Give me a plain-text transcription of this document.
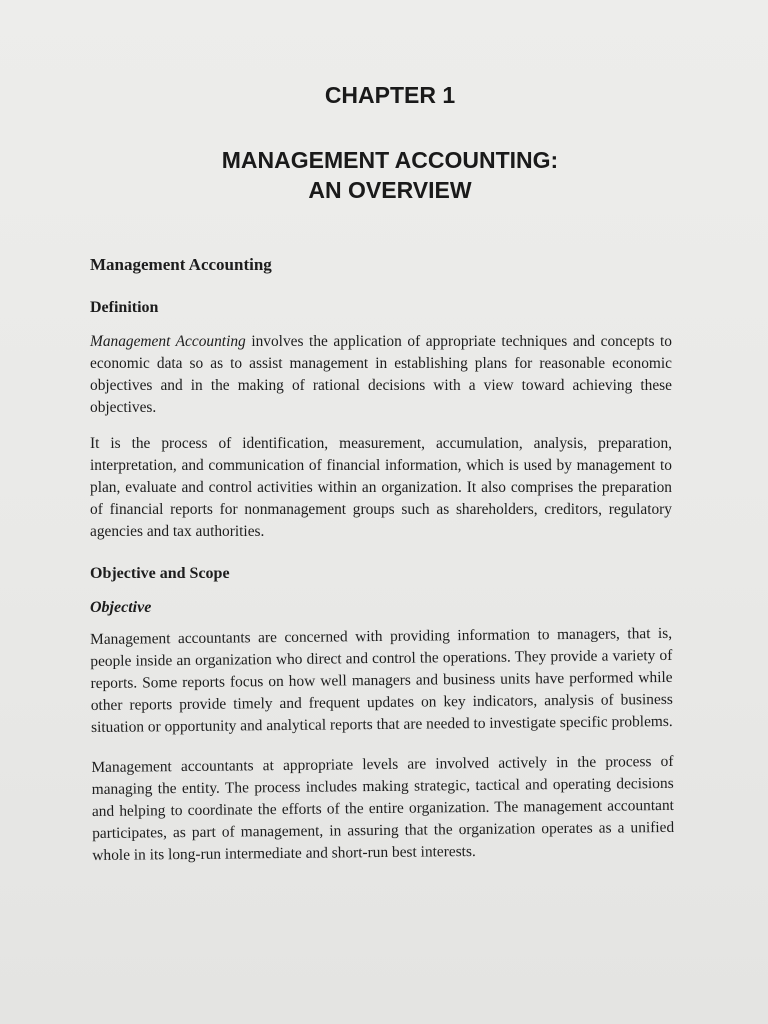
CHAPTER 1
MANAGEMENT ACCOUNTING:
AN OVERVIEW
Management Accounting
Definition

Management Accounting involves the application of appropriate techniques and concepts to economic data so as to assist management in establishing plans for reasonable economic objectives and in the making of rational decisions with a view toward achieving these objectives.

It is the process of identification, measurement, accumulation, analysis, preparation, interpretation, and communication of financial information, which is used by management to plan, evaluate and control activities within an organization. It also comprises the preparation of financial reports for nonmanagement groups such as shareholders, creditors, regulatory agencies and tax authorities.

Objective and Scope
Objective

Management accountants are concerned with providing information to managers, that is, people inside an organization who direct and control the operations. They provide a variety of reports. Some reports focus on how well managers and business units have performed while other reports provide timely and frequent updates on key indicators, analysis of business situation or opportunity and analytical reports that are needed to investigate specific problems.

Management accountants at appropriate levels are involved actively in the process of managing the entity. The process includes making strategic, tactical and operating decisions and helping to coordinate the efforts of the entire organization. The management accountant participates, as part of management, in assuring that the organization operates as a unified whole in its long-run intermediate and short-run best interests.
